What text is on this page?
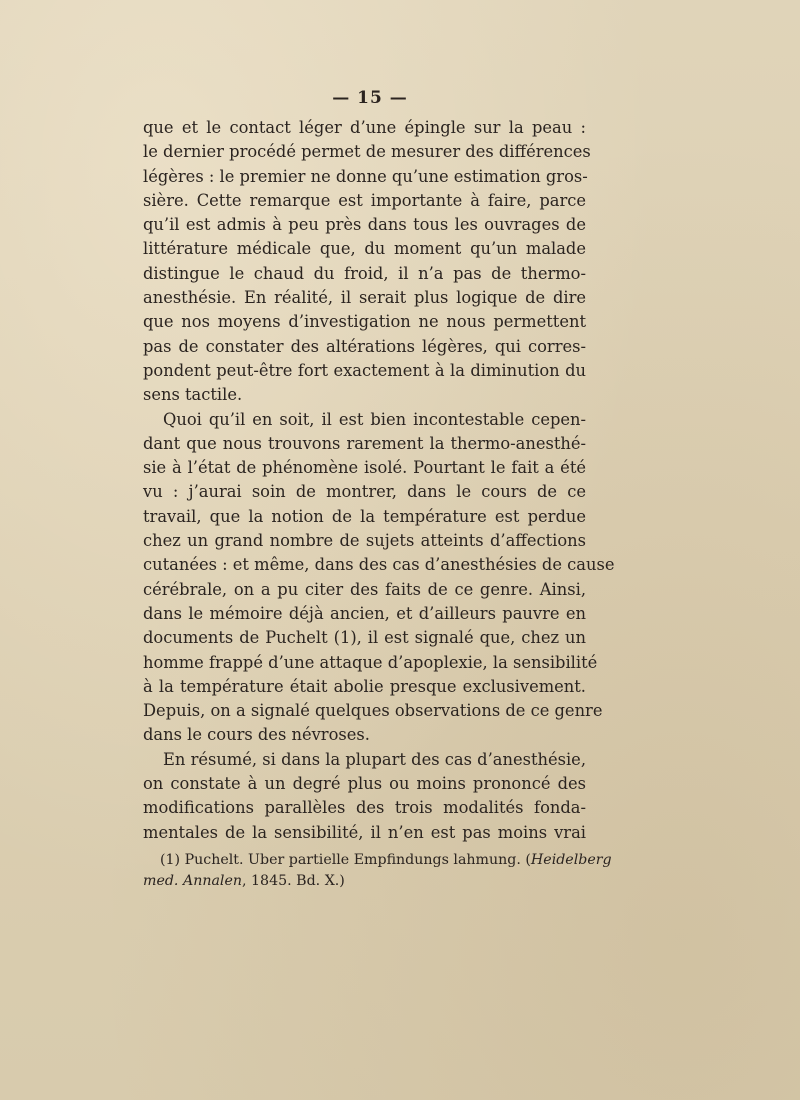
— 15 —
que et le contact léger d’une épingle sur la peau :
le dernier procédé permet de mesurer des différences
légères : le premier ne donne qu’une estimation gros-
sière. Cette remarque est importante à faire, parce
qu’il est admis à peu près dans tous les ouvrages de
littérature médicale que, du moment qu’un malade
distingue le chaud du froid, il n’a pas de thermo-
anesthésie. En réalité, il serait plus logique de dire
que nos moyens d’investigation ne nous permettent
pas de constater des altérations légères, qui corres-
pondent peut-être fort exactement à la diminution du
sens tactile.
Quoi qu’il en soit, il est bien incontestable cepen-
dant que nous trouvons rarement la thermo-anesthé-
sie à l’état de phénomène isolé. Pourtant le fait a été
vu : j’aurai soin de montrer, dans le cours de ce
travail, que la notion de la température est perdue
chez un grand nombre de sujets atteints d’affections
cutanées : et même, dans des cas d’anesthésies de cause
cérébrale, on a pu citer des faits de ce genre. Ainsi,
dans le mémoire déjà ancien, et d’ailleurs pauvre en
documents de Puchelt (1), il est signalé que, chez un
homme frappé d’une attaque d’apoplexie, la sensibilité
à la température était abolie presque exclusivement.
Depuis, on a signalé quelques observations de ce genre
dans le cours des névroses.
En résumé, si dans la plupart des cas d’anesthésie,
on constate à un degré plus ou moins prononcé des
modifications parallèles des trois modalités fonda-
mentales de la sensibilité, il n’en est pas moins vrai
(1) Puchelt. Uber partielle Empfindungs lahmung. (Heidelberg
med. Annalen, 1845. Bd. X.)
